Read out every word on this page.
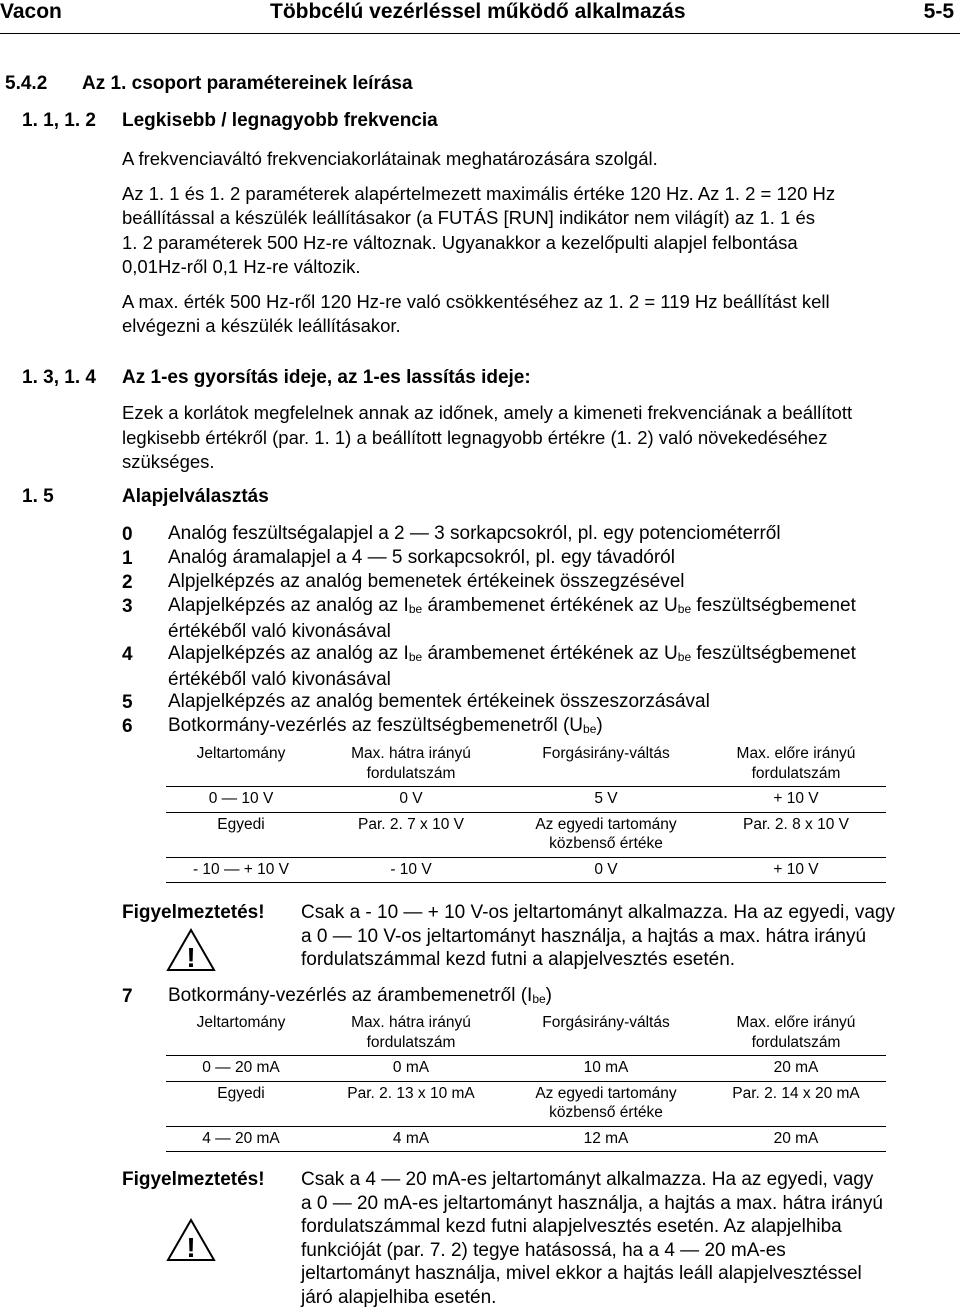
Vacon	Többcélú vezérléssel működő alkalmazás	5-5
5.4.2 Az 1. csoport paramétereinek leírása
1. 1, 1. 2 Legkisebb / legnagyobb frekvencia

A frekvenciaváltó frekvenciakorlátainak meghatározására szolgál.

Az 1. 1 és 1. 2 paraméterek alapértelmezett maximális értéke 120 Hz. Az 1. 2 = 120 Hz

beállítással a készülék leállításakor (a FUTÁS [RUN] indikátor nem világít) az 1. 1 és

1. 2 paraméterek 500 Hz-re változnak. Ugyanakkor a kezelőpulti alapjel felbontása

0,01Hz-ről 0,1 Hz-re változik.

A max. érték 500 Hz-ről 120 Hz-re való csökkentéséhez az 1. 2 = 119 Hz beállítást kell

elvégezni a készülék leállításakor.

1. 3, 1. 4 Az 1-es gyorsítás ideje, az 1-es lassítás ideje:

Ezek a korlátok megfelelnek annak az időnek, amely a kimeneti frekvenciának a beállított

legkisebb értékről (par. 1. 1) a beállított legnagyobb értékre (1. 2) való növekedéséhez

szükséges.

1. 5	Alapjelválasztás
0 Analóg feszültségalapjel a 2 — 3 sorkapcsokról, pl. egy potenciométerről
1 Analóg áramalapjel a 4 — 5 sorkapcsokról, pl. egy távadóról
2 Alpjelképzés az analóg bemenetek értékeinek összegzésével
3 Alapjelképzés az analóg az $I_{be}$ árambemenet értékének az $U_{be}$ feszültségbemenet
értékéből való kivonásával
4 Alapjelképzés az analóg az $I_{be}$ árambemenet értékének az $U_{be}$ feszültségbemenet
értékéből való kivonásával
5 Alapjelképzés az analóg bementek értékeinek összeszorzásával
6 Botkormány-vezérlés az feszültségbemenetről $(U_{be})$
Jeltartomány	Max. hátra irányú
fordulatszám	Forgásirány-váltás	Max. előre irányú
fordulatszám
0 — 10 V	0 V	5 V	+ 10 V
Egyedi	Par. 2. 7 x 10 V	Az egyedi tartomány
közbenső értéke	Par. 2. 8 x 10 V
- 10 — + 10 V	- 10 V	0 V	+ 10 V
Figyelmeztetés!
!
Csak a - 10 — + 10 V-os jeltartományt alkalmazza. Ha az egyedi, vagy
a 0 — 10 V-os jeltartományt használja, a hajtás a max. hátra irányú
fordulatszámmal kezd futni a alapjelvesztés esetén.
7 Botkormány-vezérlés az árambemenetről $(I_{be})$
Jeltartomány	Max. hátra irányú
fordulatszám	Forgásirány-váltás	Max. előre irányú
fordulatszám
0 — 20 mA	0 mA	10 mA	20 mA
Egyedi	Par. 2. 13 x 10 mA	Az egyedi tartomány
közbenső értéke	Par. 2. 14 x 20 mA
4 — 20 mA	4 mA	12 mA	20 mA
Figyelmeztetés!
!
Csak a 4 — 20 mA-es jeltartományt alkalmazza. Ha az egyedi, vagy
a 0 — 20 mA-es jeltartományt használja, a hajtás a max. hátra irányú
fordulatszámmal kezd futni alapjelvesztés esetén. Az alapjelhiba
funkcióját (par. 7. 2) tegye hatásossá, ha a 4 — 20 mA-es
jeltartományt használja, mivel ekkor a hajtás leáll alapjelvesztéssel
járó alapjelhiba esetén.
